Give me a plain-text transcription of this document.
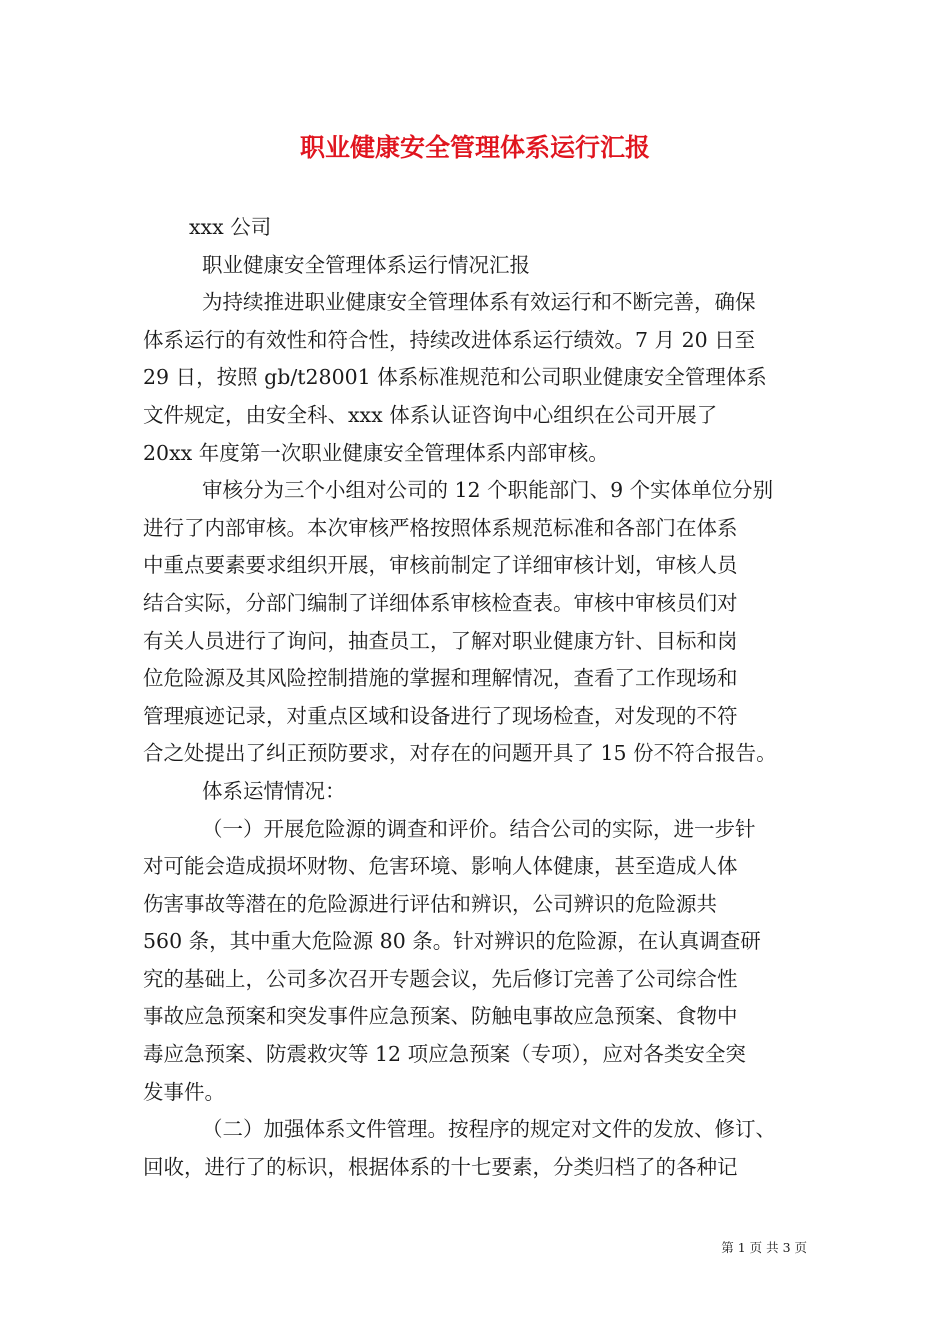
职业健康安全管理体系运行汇报
xxx 公司
职业健康安全管理体系运行情况汇报
为持续推进职业健康安全管理体系有效运行和不断完善，确保
体系运行的有效性和符合性，持续改进体系运行绩效。7 月 20 日至
29 日，按照 gb/t28001 体系标准规范和公司职业健康安全管理体系
文件规定，由安全科、xxx 体系认证咨询中心组织在公司开展了
20xx 年度第一次职业健康安全管理体系内部审核。
审核分为三个小组对公司的 12 个职能部门、9 个实体单位分别
进行了内部审核。本次审核严格按照体系规范标准和各部门在体系
中重点要素要求组织开展，审核前制定了详细审核计划，审核人员
结合实际，分部门编制了详细体系审核检查表。审核中审核员们对
有关人员进行了询问，抽查员工，了解对职业健康方针、目标和岗
位危险源及其风险控制措施的掌握和理解情况，查看了工作现场和
管理痕迹记录，对重点区域和设备进行了现场检查，对发现的不符
合之处提出了纠正预防要求，对存在的问题开具了 15 份不符合报告。
体系运情情况：
（一）开展危险源的调查和评价。结合公司的实际，进一步针
对可能会造成损坏财物、危害环境、影响人体健康，甚至造成人体
伤害事故等潜在的危险源进行评估和辨识，公司辨识的危险源共
560 条，其中重大危险源 80 条。针对辨识的危险源，在认真调查研
究的基础上，公司多次召开专题会议，先后修订完善了公司综合性
事故应急预案和突发事件应急预案、防触电事故应急预案、食物中
毒应急预案、防震救灾等 12 项应急预案（专项），应对各类安全突
发事件。
（二）加强体系文件管理。按程序的规定对文件的发放、修订、
回收，进行了的标识，根据体系的十七要素，分类归档了的各种记
第 1 页 共 3 页
